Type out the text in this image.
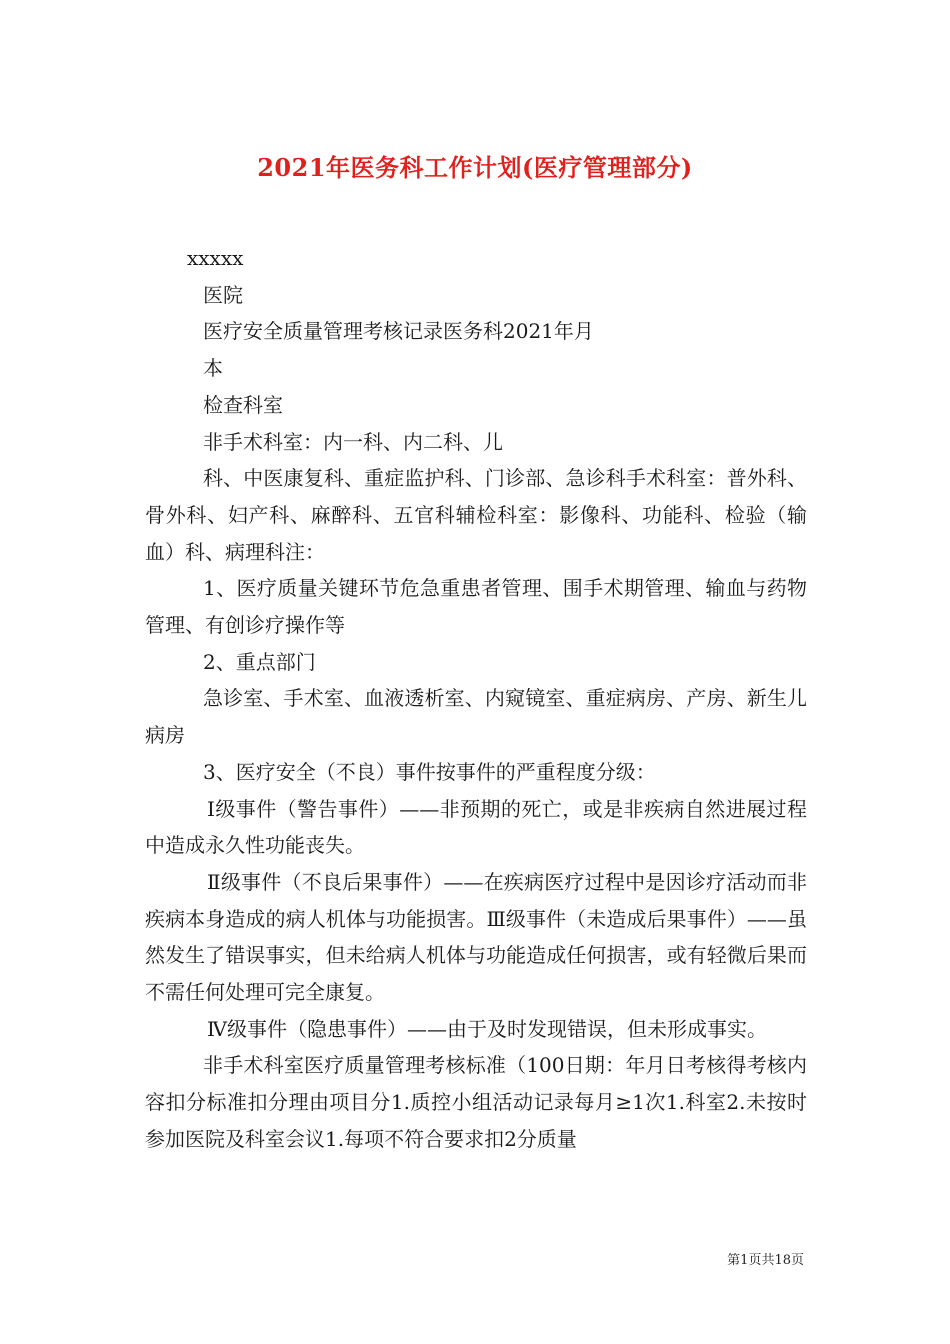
2021年医务科工作计划(医疗管理部分)

xxxxx

医院

医疗安全质量管理考核记录医务科2021年月

本

检查科室

非手术科室：内一科、内二科、儿

科、中医康复科、重症监护科、门诊部、急诊科手术科室：普外科、骨外科、妇产科、麻醉科、五官科辅检科室：影像科、功能科、检验（输血）科、病理科注：

1、医疗质量关键环节危急重患者管理、围手术期管理、输血与药物管理、有创诊疗操作等

2、重点部门

急诊室、手术室、血液透析室、内窥镜室、重症病房、产房、新生儿病房

3、医疗安全（不良）事件按事件的严重程度分级：

Ⅰ级事件（警告事件）——非预期的死亡，或是非疾病自然进展过程中造成永久性功能丧失。

Ⅱ级事件（不良后果事件）——在疾病医疗过程中是因诊疗活动而非疾病本身造成的病人机体与功能损害。Ⅲ级事件（未造成后果事件）——虽然发生了错误事实，但未给病人机体与功能造成任何损害，或有轻微后果而不需任何处理可完全康复。

Ⅳ级事件（隐患事件）——由于及时发现错误，但未形成事实。

非手术科室医疗质量管理考核标准（100日期：年月日考核得考核内容扣分标准扣分理由项目分1.质控小组活动记录每月≥1次1.科室2.未按时参加医院及科室会议1.每项不符合要求扣2分质量

第1页共18页
